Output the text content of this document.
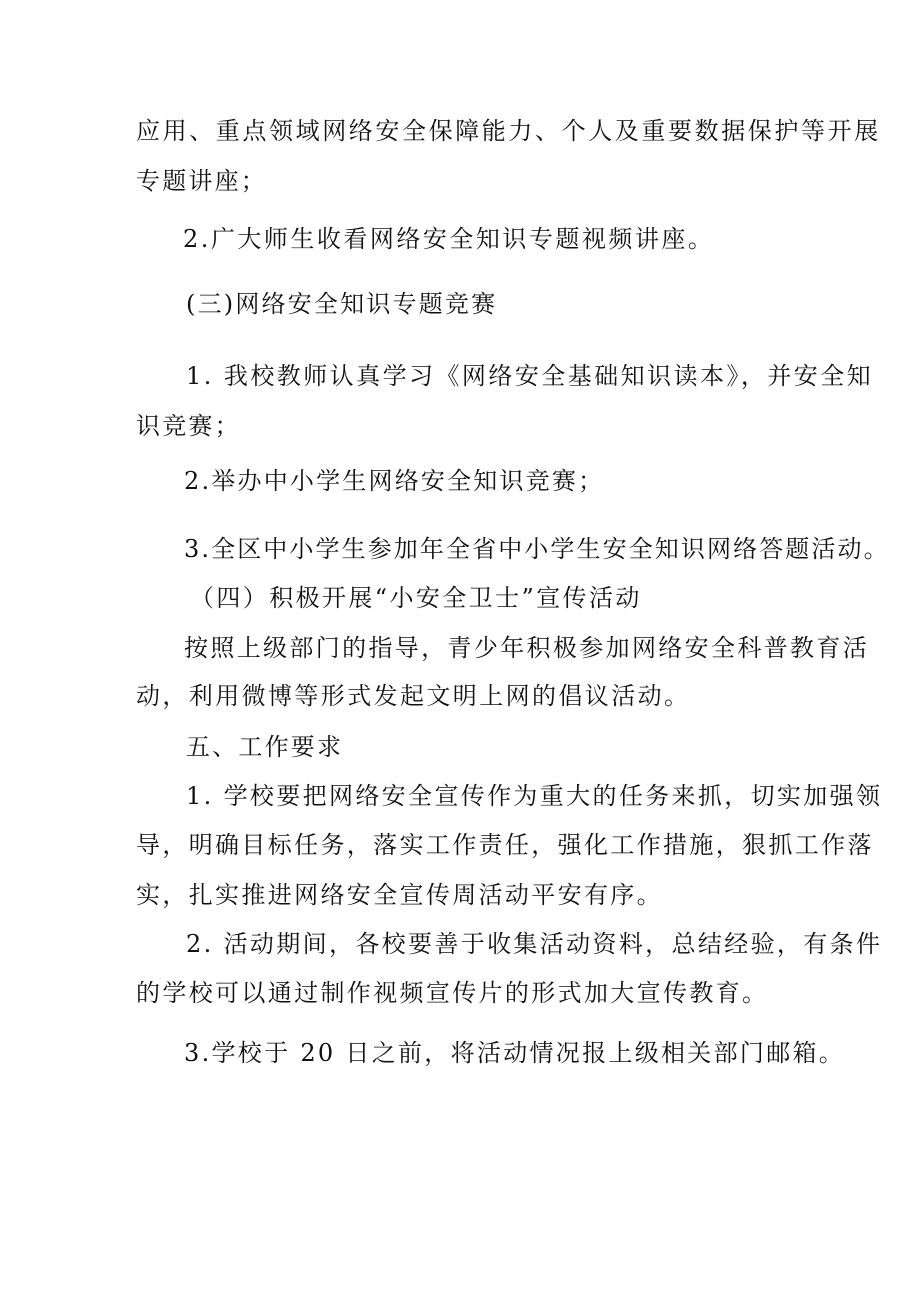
应用、重点领域网络安全保障能力、个人及重要数据保护等开展
专题讲座；
2.广大师生收看网络安全知识专题视频讲座。
(三)网络安全知识专题竞赛
1. 我校教师认真学习《网络安全基础知识读本》，并安全知
识竞赛；
2.举办中小学生网络安全知识竞赛；
3.全区中小学生参加年全省中小学生安全知识网络答题活动。
（四）积极开展“小安全卫士”宣传活动
按照上级部门的指导，青少年积极参加网络安全科普教育活
动，利用微博等形式发起文明上网的倡议活动。
五、工作要求
1. 学校要把网络安全宣传作为重大的任务来抓，切实加强领
导，明确目标任务，落实工作责任，强化工作措施，狠抓工作落
实，扎实推进网络安全宣传周活动平安有序。
2. 活动期间，各校要善于收集活动资料，总结经验，有条件
的学校可以通过制作视频宣传片的形式加大宣传教育。
3.学校于 20 日之前，将活动情况报上级相关部门邮箱。
